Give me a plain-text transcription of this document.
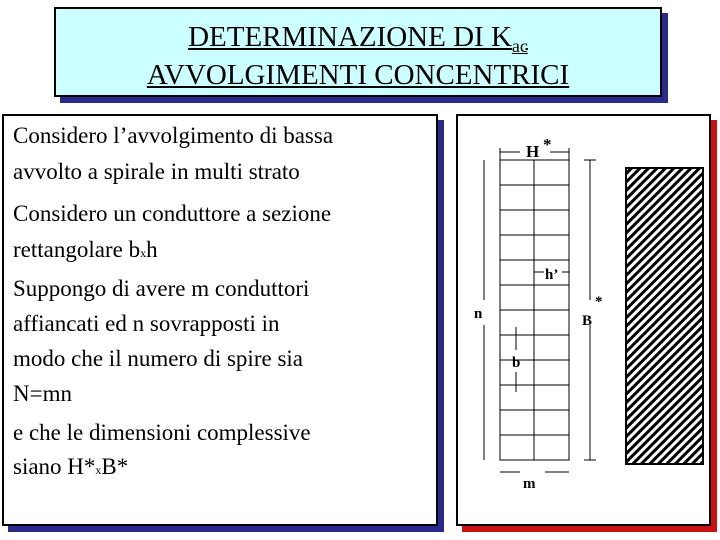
DETERMINAZIONE DI $K_{ac}$
AVVOLGIMENTI CONCENTRICI
Considero l’avvolgimento di bassa
avvolto a spirale in multi strato
Considero un conduttore a sezione
rettangolare bxh
Suppongo di avere m conduttori
affiancati ed n sovrapposti in
modo che il numero di spire sia
N=mn
e che le dimensioni complessive
siano H*xB*
H *
h’
n	B
*
b
m
